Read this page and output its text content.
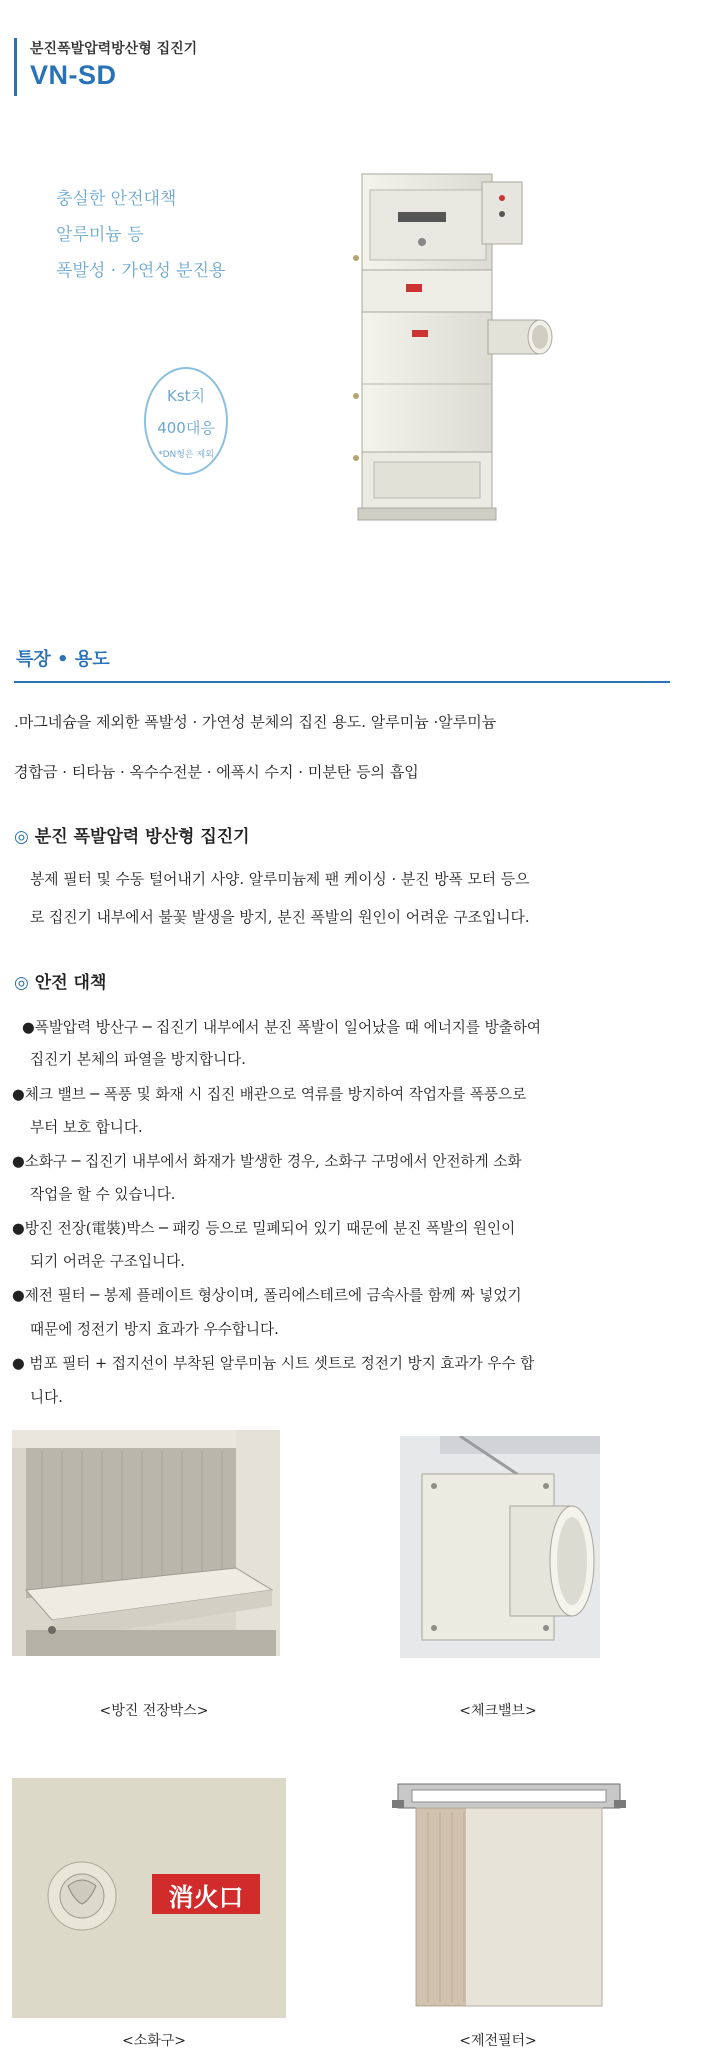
분진폭발압력방산형 집진기
VN-SD
충실한 안전대책
알루미늄 등
폭발성 · 가연성 분진용
Kst치
400대응
*DN형은 제외
특장 • 용도
.마그네슘을 제외한 폭발성 · 가연성 분체의 집진 용도. 알루미늄 ·알루미늄
경합금 · 티타늄 · 옥수수전분 · 에폭시 수지 · 미분탄 등의 흡입
◎ 분진 폭발압력 방산형 집진기
봉제 필터 및 수동 털어내기 사양. 알루미늄제 팬 케이싱 · 분진 방폭 모터 등으
로 집진기 내부에서 불꽃 발생을 방지, 분진 폭발의 원인이 어려운 구조입니다.
◎ 안전 대책
●폭발압력 방산구 ─ 집진기 내부에서 분진 폭발이 일어났을 때 에너지를 방출하여
집진기 본체의 파열을 방지합니다.
●체크 밸브 ─ 폭풍 및 화재 시 집진 배관으로 역류를 방지하여 작업자를 폭풍으로
부터 보호 합니다.
●소화구 ─ 집진기 내부에서 화재가 발생한 경우, 소화구 구멍에서 안전하게 소화
작업을 할 수 있습니다.
●방진 전장(電裝)박스 ─ 패킹 등으로 밀폐되어 있기 때문에 분진 폭발의 원인이
되기 어려운 구조입니다.
●제전 필터 ─ 봉제 플레이트 형상이며, 폴리에스테르에 금속사를 함께 짜 넣었기
때문에 정전기 방지 효과가 우수합니다.
● 범포 필터 + 접지선이 부착된 알루미늄 시트 셋트로 정전기 방지 효과가 우수 합
니다.
<방진 전장박스>	<체크밸브>
消火口
<소화구>	<제전필터>
